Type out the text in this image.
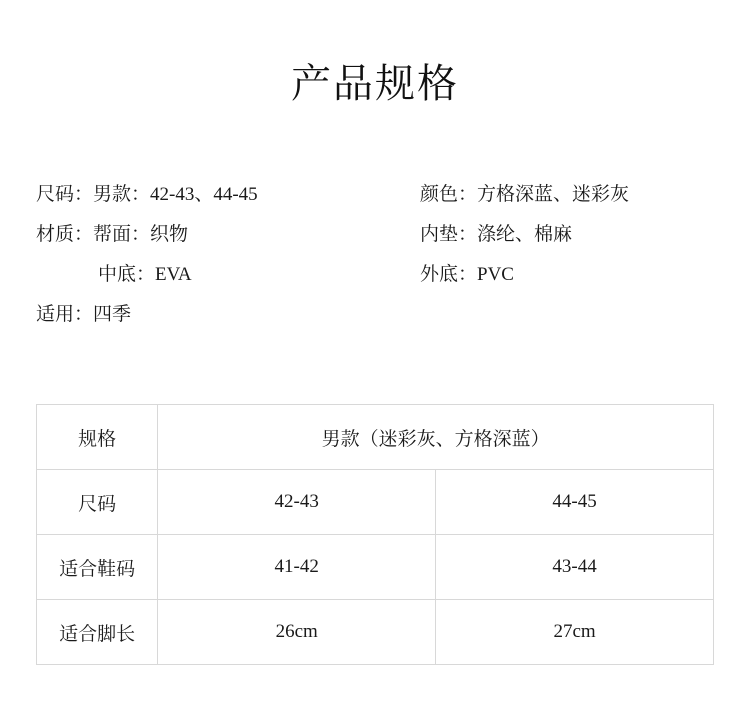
产品规格
尺码：男款：42-43、44-45
材质：帮面：织物
中底：EVA
适用：四季
颜色：方格深蓝、迷彩灰
内垫：涤纶、棉麻
外底：PVC
规格	男款（迷彩灰、方格深蓝）	
尺码	42-43	44-45
适合鞋码	41-42	43-44
适合脚长	26cm	27cm
